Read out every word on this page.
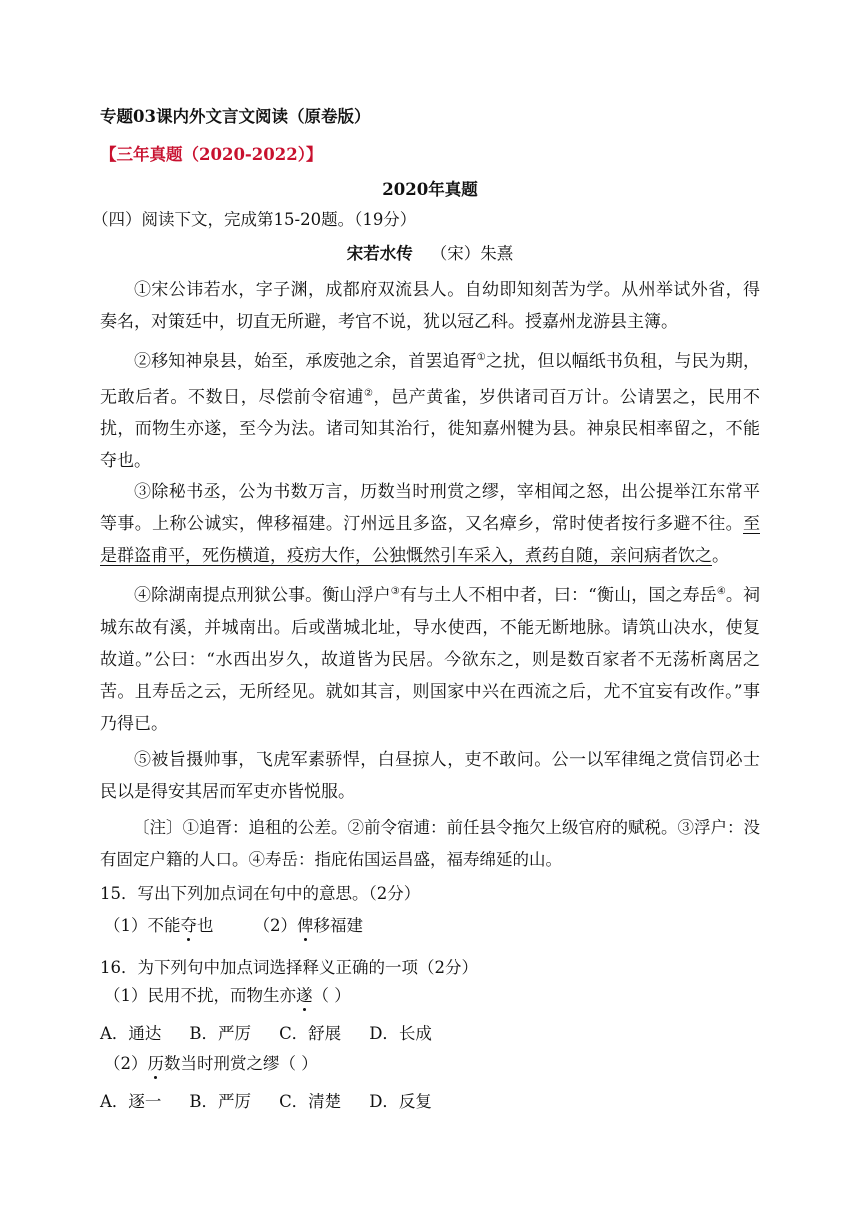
专题03课内外文言文阅读（原卷版）
【三年真题（2020-2022）】
2020年真题
（四）阅读下文，完成第15-20题。（19分）
宋若水传 （宋）朱熹
①宋公讳若水，字子渊，成都府双流县人。自幼即知刻苦为学。从州举试外省，得奏名，对策廷中，切直无所避，考官不说，犹以冠乙科。授嘉州龙游县主簿。
②移知神泉县，始至，承废弛之余，首罢追胥①之扰，但以幅纸书负租，与民为期，无敢后者。不数日，尽偿前令宿逋②，邑产黄雀，岁供诸司百万计。公请罢之，民用不扰，而物生亦遂，至今为法。诸司知其治行，徙知嘉州犍为县。神泉民相率留之，不能夺也。
③除秘书丞，公为书数万言，历数当时刑赏之缪，宰相闻之怒，出公提举江东常平等事。上称公诚实，俾移福建。汀州远且多盗，又名瘴乡，常时使者按行多避不往。至是群盗甫平，死伤横道，疫疠大作，公独慨然引车采入，煮药自随，亲问病者饮之。
④除湖南提点刑狱公事。衡山浮户③有与土人不相中者，曰：“衡山，国之寿岳④。祠城东故有溪，并城南出。后或凿城北址，导水使西，不能无断地脉。请筑山决水，使复故道。”公曰：“水西出岁久，故道皆为民居。今欲东之，则是数百家者不无荡析离居之苦。且寿岳之云，无所经见。就如其言，则国家中兴在西流之后，尤不宜妄有改作。”事乃得已。
⑤被旨摄帅事，飞虎军素骄悍，白昼掠人，吏不敢问。公一以军律绳之赏信罚必士民以是得安其居而军吏亦皆悦服。
〔注〕①追胥：追租的公差。②前令宿逋：前任县令拖欠上级官府的赋税。③浮户：没有固定户籍的人口。④寿岳：指庇佑国运昌盛，福寿绵延的山。
15．写出下列加点词在句中的意思。（2分）
（1）不能夺也 （2）俾移福建
16．为下列句中加点词选择释义正确的一项（2分）
（1）民用不扰，而物生亦遂（ ）
A．通达 B．严厉 C．舒展 D．长成
（2）历数当时刑赏之缪（ ）
A．逐一 B．严厉 C．清楚 D．反复
